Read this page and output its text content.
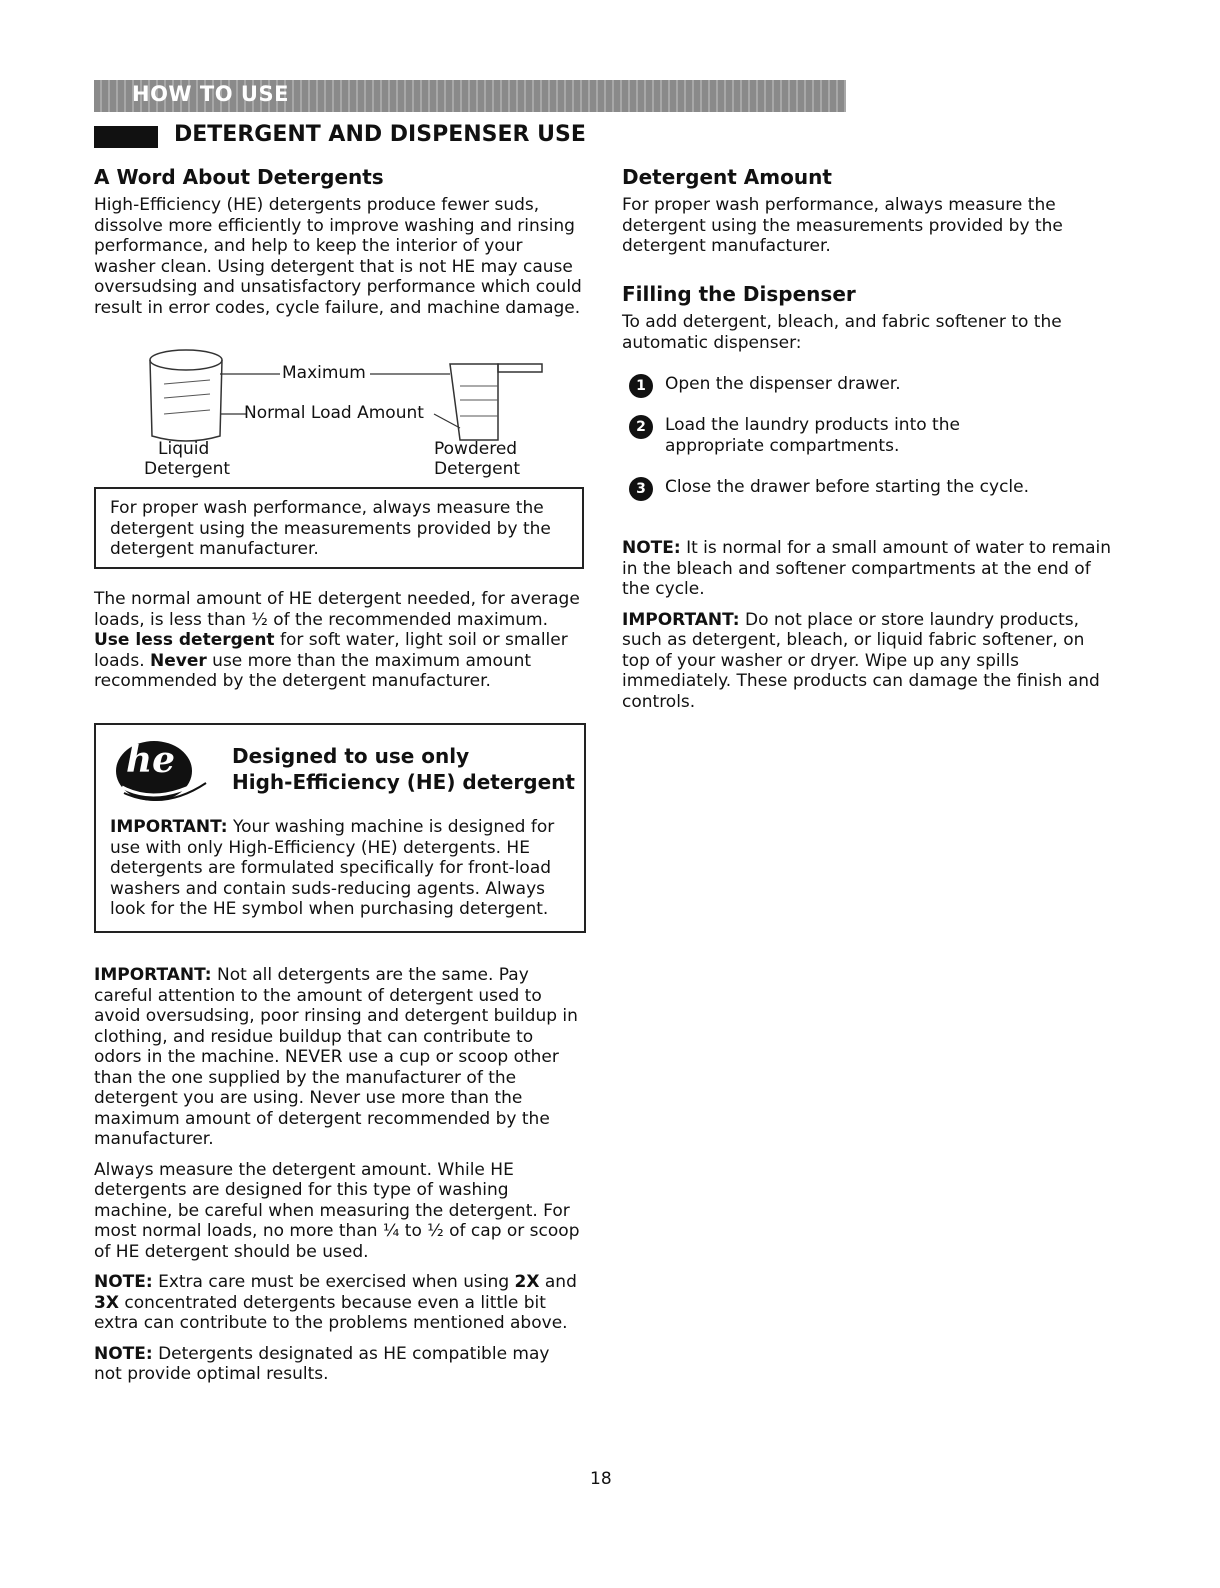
HOW TO USE
DETERGENT AND DISPENSER USE
A Word About Detergents

High-Efficiency (HE) detergents produce fewer suds, dissolve more efficiently to improve washing and rinsing performance, and help to keep the interior of your washer clean. Using detergent that is not HE may cause oversudsing and unsatisfactory performance which could result in error codes, cycle failure, and machine damage.

Maximum
Normal Load Amount
Liquid
Detergent
Powdered
Detergent

For proper wash performance, always measure the detergent using the measurements provided by the detergent manufacturer.

The normal amount of HE detergent needed, for average loads, is less than ½ of the recommended maximum. Use less detergent for soft water, light soil or smaller loads. Never use more than the maximum amount recommended by the detergent manufacturer.

he	Designed to use only
High-Efficiency (HE) detergent

IMPORTANT: Your washing machine is designed for use with only High-Efficiency (HE) detergents. HE detergents are formulated specifically for front-load washers and contain suds-reducing agents. Always look for the HE symbol when purchasing detergent.

IMPORTANT: Not all detergents are the same. Pay careful attention to the amount of detergent used to avoid oversudsing, poor rinsing and detergent buildup in clothing, and residue buildup that can contribute to odors in the machine. NEVER use a cup or scoop other than the one supplied by the manufacturer of the detergent you are using. Never use more than the maximum amount of detergent recommended by the manufacturer.

Always measure the detergent amount. While HE detergents are designed for this type of washing machine, be careful when measuring the detergent. For most normal loads, no more than ¼ to ½ of cap or scoop of HE detergent should be used.

NOTE: Extra care must be exercised when using 2X and 3X concentrated detergents because even a little bit extra can contribute to the problems mentioned above.

NOTE: Detergents designated as HE compatible may not provide optimal results.

Detergent Amount

For proper wash performance, always measure the detergent using the measurements provided by the detergent manufacturer.

Filling the Dispenser

To add detergent, bleach, and fabric softener to the automatic dispenser:

1	Open the dispenser drawer.
2	Load the laundry products into the appropriate compartments.
3	Close the drawer before starting the cycle.

NOTE: It is normal for a small amount of water to remain in the bleach and softener compartments at the end of the cycle.

IMPORTANT: Do not place or store laundry products, such as detergent, bleach, or liquid fabric softener, on top of your washer or dryer. Wipe up any spills immediately. These products can damage the finish and controls.

18
